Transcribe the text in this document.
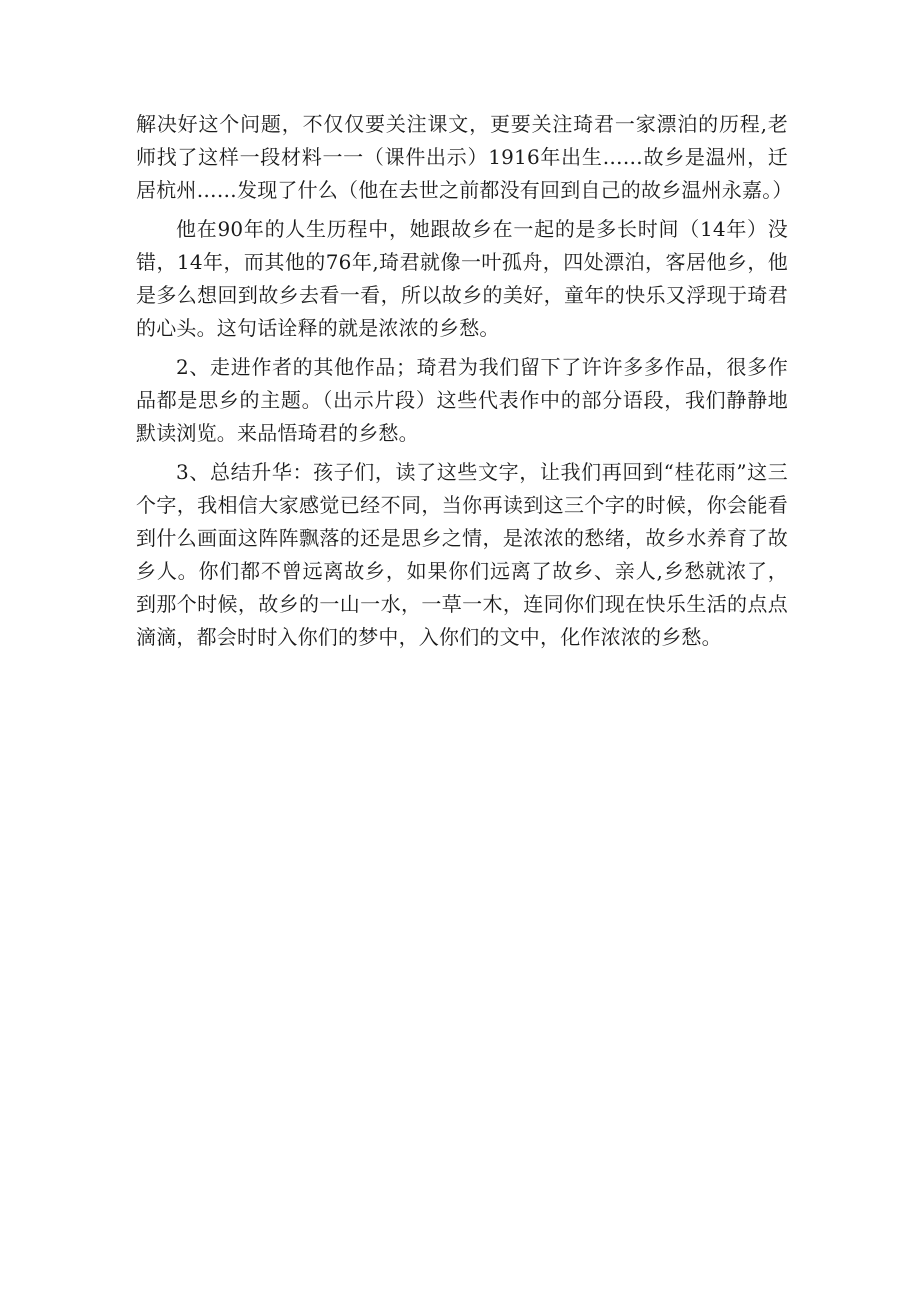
解决好这个问题，不仅仅要关注课文，更要关注琦君一家漂泊的历程,老师找了这样一段材料一一（课件出示）1916年出生……故乡是温州，迁居杭州……发现了什么（他在去世之前都没有回到自己的故乡温州永嘉。）

他在90年的人生历程中，她跟故乡在一起的是多长时间（14年）没错，14年，而其他的76年,琦君就像一叶孤舟，四处漂泊，客居他乡，他是多么想回到故乡去看一看，所以故乡的美好，童年的快乐又浮现于琦君的心头。这句话诠释的就是浓浓的乡愁。

2、走进作者的其他作品；琦君为我们留下了许许多多作品，很多作品都是思乡的主题。（出示片段）这些代表作中的部分语段，我们静静地默读浏览。来品悟琦君的乡愁。

3、总结升华：孩子们，读了这些文字，让我们再回到“桂花雨”这三个字，我相信大家感觉已经不同，当你再读到这三个字的时候，你会能看到什么画面这阵阵飘落的还是思乡之情，是浓浓的愁绪，故乡水养育了故乡人。你们都不曾远离故乡，如果你们远离了故乡、亲人,乡愁就浓了，到那个时候，故乡的一山一水，一草一木，连同你们现在快乐生活的点点滴滴，都会时时入你们的梦中，入你们的文中，化作浓浓的乡愁。
